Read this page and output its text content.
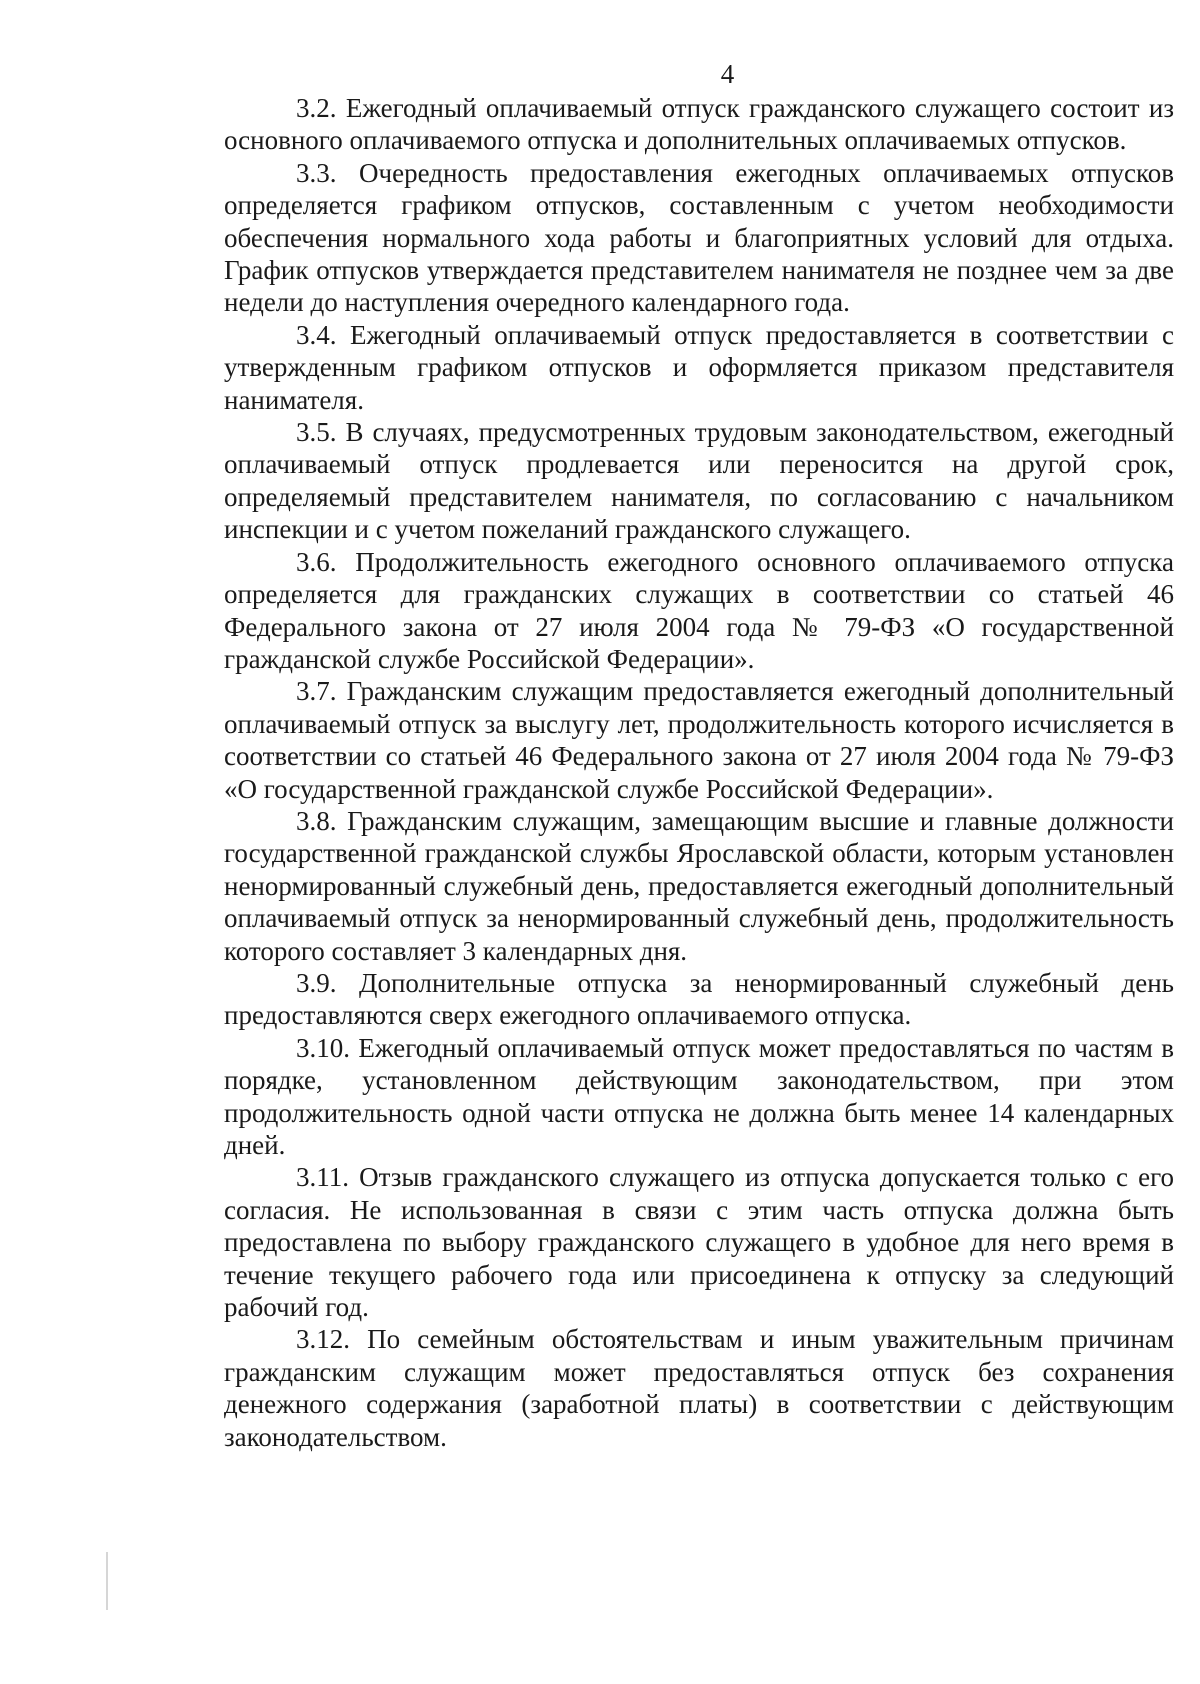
4

3.2. Ежегодный оплачиваемый отпуск гражданского служащего состоит из основного оплачиваемого отпуска и дополнительных оплачиваемых отпусков.

3.3. Очередность предоставления ежегодных оплачиваемых отпусков определяется графиком отпусков, составленным с учетом необходимости обеспечения нормального хода работы и благоприятных условий для отдыха. График отпусков утверждается представителем нанимателя не позднее чем за две недели до наступления очередного календарного года.

3.4. Ежегодный оплачиваемый отпуск предоставляется в соответствии с утвержденным графиком отпусков и оформляется приказом представителя нанимателя.

3.5. В случаях, предусмотренных трудовым законодательством, ежегодный оплачиваемый отпуск продлевается или переносится на другой срок, определяемый представителем нанимателя, по согласованию с начальником инспекции и с учетом пожеланий гражданского служащего.

3.6. Продолжительность ежегодного основного оплачиваемого отпуска определяется для гражданских служащих в соответствии со статьей 46 Федерального закона от 27 июля 2004 года № 79-ФЗ «О государственной гражданской службе Российской Федерации».

3.7. Гражданским служащим предоставляется ежегодный дополнительный оплачиваемый отпуск за выслугу лет, продолжительность которого исчисляется в соответствии со статьей 46 Федерального закона от 27 июля 2004 года № 79-ФЗ «О государственной гражданской службе Российской Федерации».

3.8. Гражданским служащим, замещающим высшие и главные должности государственной гражданской службы Ярославской области, которым установлен ненормированный служебный день, предоставляется ежегодный дополнительный оплачиваемый отпуск за ненормированный служебный день, продолжительность которого составляет 3 календарных дня.

3.9. Дополнительные отпуска за ненормированный служебный день предоставляются сверх ежегодного оплачиваемого отпуска.

3.10. Ежегодный оплачиваемый отпуск может предоставляться по частям в порядке, установленном действующим законодательством, при этом продолжительность одной части отпуска не должна быть менее 14 календарных дней.

3.11. Отзыв гражданского служащего из отпуска допускается только с его согласия. Не использованная в связи с этим часть отпуска должна быть предоставлена по выбору гражданского служащего в удобное для него время в течение текущего рабочего года или присоединена к отпуску за следующий рабочий год.

3.12. По семейным обстоятельствам и иным уважительным причинам гражданским служащим может предоставляться отпуск без сохранения денежного содержания (заработной платы) в соответствии с действующим законодательством.
